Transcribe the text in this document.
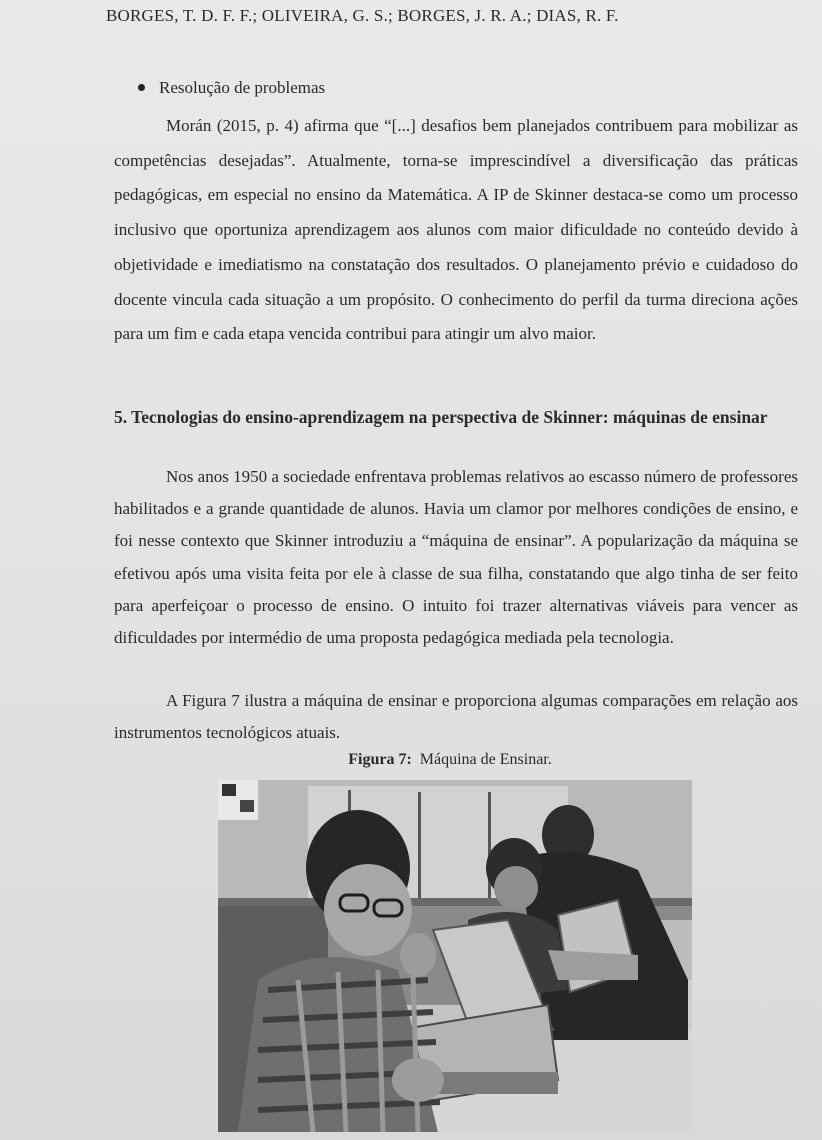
BORGES, T. D. F. F.; OLIVEIRA, G. S.; BORGES, J. R. A.; DIAS, R. F.
Resolução de problemas

Morán (2015, p. 4) afirma que “[...] desafios bem planejados contribuem para mobilizar as competências desejadas”. Atualmente, torna-se imprescindível a diversificação das práticas pedagógicas, em especial no ensino da Matemática. A IP de Skinner destaca-se como um processo inclusivo que oportuniza aprendizagem aos alunos com maior dificuldade no conteúdo devido à objetividade e imediatismo na constatação dos resultados. O planejamento prévio e cuidadoso do docente vincula cada situação a um propósito. O conhecimento do perfil da turma direciona ações para um fim e cada etapa vencida contribui para atingir um alvo maior.

5. Tecnologias do ensino-aprendizagem na perspectiva de Skinner: máquinas de ensinar

Nos anos 1950 a sociedade enfrentava problemas relativos ao escasso número de professores habilitados e a grande quantidade de alunos. Havia um clamor por melhores condições de ensino, e foi nesse contexto que Skinner introduziu a “máquina de ensinar”. A popularização da máquina se efetivou após uma visita feita por ele à classe de sua filha, constatando que algo tinha de ser feito para aperfeiçoar o processo de ensino. O intuito foi trazer alternativas viáveis para vencer as dificuldades por intermédio de uma proposta pedagógica mediada pela tecnologia.

A Figura 7 ilustra a máquina de ensinar e proporciona algumas comparações em relação aos instrumentos tecnológicos atuais.

Figura 7: Máquina de Ensinar.
